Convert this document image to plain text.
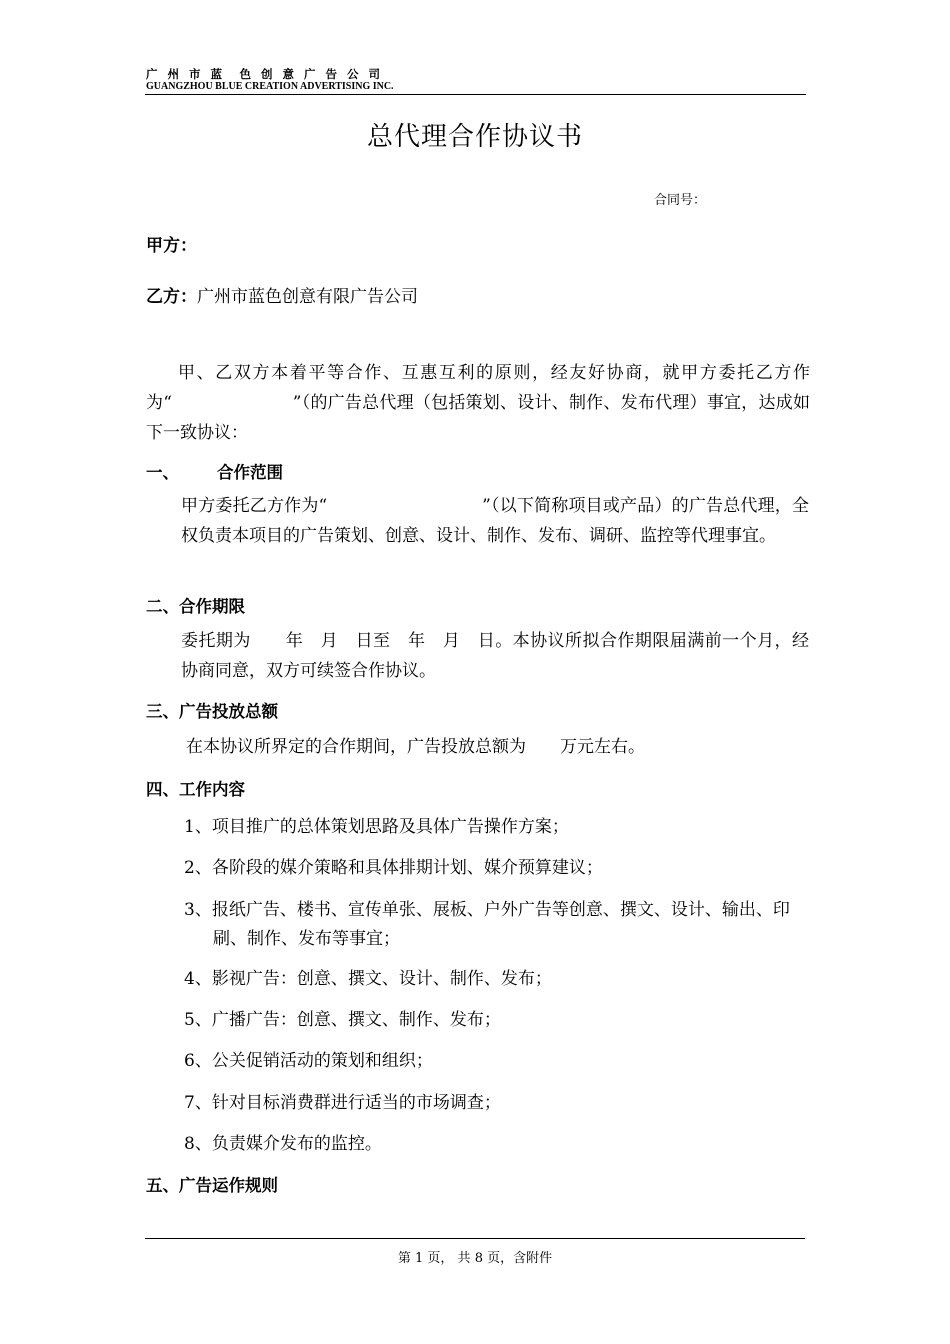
广 州 市 蓝　色 创 意 广 告 公 司
GUANGZHOU BLUE CREATION ADVERTISING INC.
总代理合作协议书
合同号：
甲方：
乙方：广州市蓝色创意有限广告公司
甲、乙双方本着平等合作、互惠互利的原则，经友好协商，就甲方委托乙方作为“　　　　　　　”（的广告总代理（包括策划、设计、制作、发布代理）事宜，达成如下一致协议：
一、 合作范围
甲方委托乙方作为“　　　　　　　　　”（以下简称项目或产品）的广告总代理，全权负责本项目的广告策划、创意、设计、制作、发布、调研、监控等代理事宜。
二、合作期限
委托期为　　年　月　日至　年　月　日。本协议所拟合作期限届满前一个月，经协商同意，双方可续签合作协议。
三、广告投放总额
在本协议所界定的合作期间，广告投放总额为　　万元左右。
四、工作内容
1、项目推广的总体策划思路及具体广告操作方案；
2、各阶段的媒介策略和具体排期计划、媒介预算建议；
3、报纸广告、楼书、宣传单张、展板、户外广告等创意、撰文、设计、输出、印
刷、制作、发布等事宜；
4、影视广告：创意、撰文、设计、制作、发布；
5、广播广告：创意、撰文、制作、发布；
6、公关促销活动的策划和组织；
7、针对目标消费群进行适当的市场调查；
8、负责媒介发布的监控。
五、广告运作规则
第 1 页， 共 8 页，含附件
